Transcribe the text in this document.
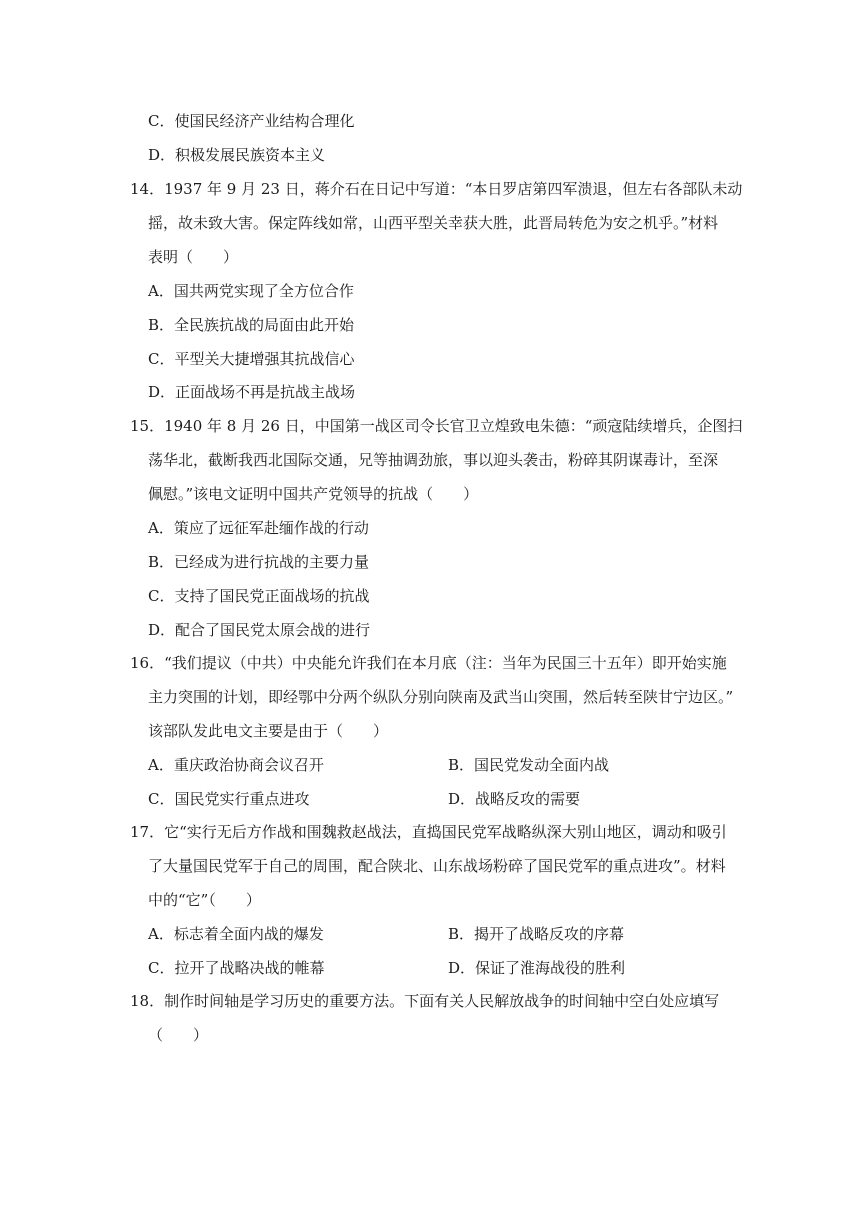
C．使国民经济产业结构合理化
D．积极发展民族资本主义
14．1937 年 9 月 23 日，蒋介石在日记中写道：“本日罗店第四军溃退，但左右各部队未动
摇，故未致大害。保定阵线如常，山西平型关幸获大胜，此晋局转危为安之机乎。”材料
表明（　　）
A．国共两党实现了全方位合作
B．全民族抗战的局面由此开始
C．平型关大捷增强其抗战信心
D．正面战场不再是抗战主战场
15．1940 年 8 月 26 日，中国第一战区司令长官卫立煌致电朱德：“顽寇陆续增兵，企图扫
荡华北，截断我西北国际交通，兄等抽调劲旅，事以迎头袭击，粉碎其阴谋毒计，至深
佩慰。”该电文证明中国共产党领导的抗战（　　）
A．策应了远征军赴缅作战的行动
B．已经成为进行抗战的主要力量
C．支持了国民党正面战场的抗战
D．配合了国民党太原会战的进行
16．“我们提议（中共）中央能允许我们在本月底（注：当年为民国三十五年）即开始实施
主力突围的计划，即经鄂中分两个纵队分别向陕南及武当山突围，然后转至陕甘宁边区。”
该部队发此电文主要是由于（　　）
A．重庆政治协商会议召开	B．国民党发动全面内战
C．国民党实行重点进攻	D．战略反攻的需要
17．它“实行无后方作战和围魏救赵战法，直捣国民党军战略纵深大别山地区，调动和吸引
了大量国民党军于自己的周围，配合陕北、山东战场粉碎了国民党军的重点进攻”。材料
中的“它”（　　）
A．标志着全面内战的爆发	B．揭开了战略反攻的序幕
C．拉开了战略决战的帷幕	D．保证了淮海战役的胜利
18．制作时间轴是学习历史的重要方法。下面有关人民解放战争的时间轴中空白处应填写
（　　）
